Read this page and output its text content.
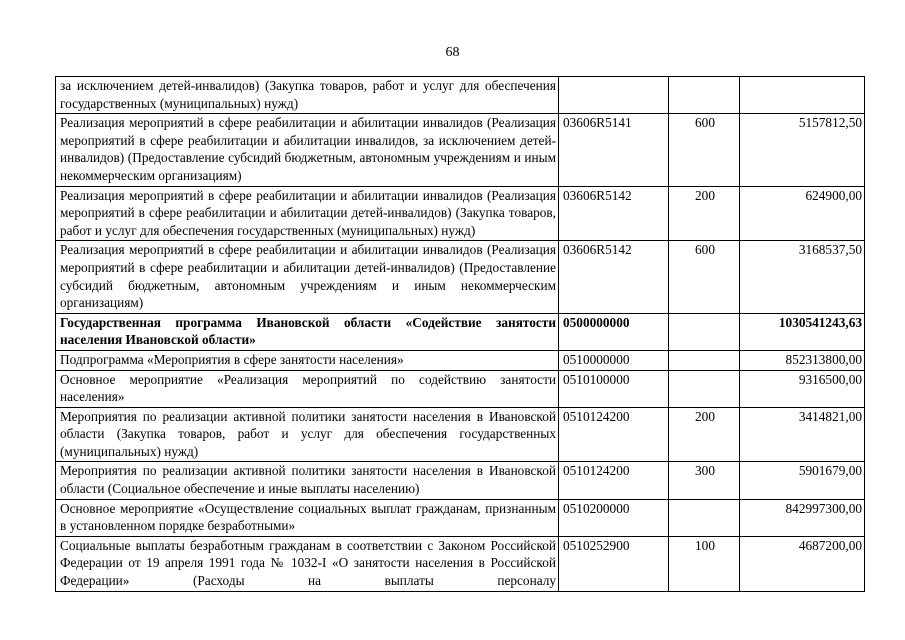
68
за исключением детей-инвалидов) (Закупка товаров, работ и услуг для обеспечения государственных (муниципальных) нужд)			
Реализация мероприятий в сфере реабилитации и абилитации инвалидов (Реализация мероприятий в сфере реабилитации и абилитации инвалидов, за исключением детей-инвалидов) (Предоставление субсидий бюджетным, автономным учреждениям и иным некоммерческим организациям)	03606R5141	600	5157812,50
Реализация мероприятий в сфере реабилитации и абилитации инвалидов (Реализация мероприятий в сфере реабилитации и абилитации детей-инвалидов) (Закупка товаров, работ и услуг для обеспечения государственных (муниципальных) нужд)	03606R5142	200	624900,00
Реализация мероприятий в сфере реабилитации и абилитации инвалидов (Реализация мероприятий в сфере реабилитации и абилитации детей-инвалидов) (Предоставление субсидий бюджетным, автономным учреждениям и иным некоммерческим организациям)	03606R5142	600	3168537,50
Государственная программа Ивановской области «Содействие занятости населения Ивановской области»	0500000000		1030541243,63
Подпрограмма «Мероприятия в сфере занятости населения»	0510000000		852313800,00
Основное мероприятие «Реализация мероприятий по содействию занятости населения»	0510100000		9316500,00
Мероприятия по реализации активной политики занятости населения в Ивановской области (Закупка товаров, работ и услуг для обеспечения государственных (муниципальных) нужд)	0510124200	200	3414821,00
Мероприятия по реализации активной политики занятости населения в Ивановской области (Социальное обеспечение и иные выплаты населению)	0510124200	300	5901679,00
Основное мероприятие «Осуществление социальных выплат гражданам, признанным в установленном порядке безработными»	0510200000		842997300,00
Социальные выплаты безработным гражданам в соответствии с Законом Российской Федерации от 19 апреля 1991 года № 1032-I «О занятости населения в Российской Федерации» (Расходы на выплаты персоналу	0510252900	100	4687200,00
